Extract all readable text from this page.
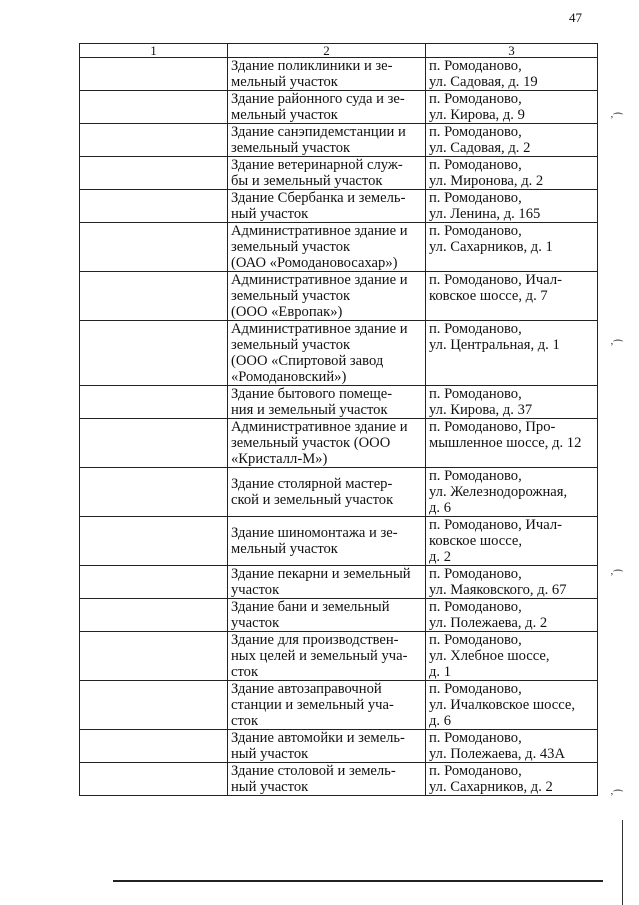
47
1	2	3
	Здание поликлиники и зе-
мельный участок	п. Ромоданово,
ул. Садовая, д. 19
	Здание районного суда и зе-
мельный участок	п. Ромоданово,
ул. Кирова, д. 9
	Здание санэпидемстанции и
земельный участок	п. Ромоданово,
ул. Садовая, д. 2
	Здание ветеринарной служ-
бы и земельный участок	п. Ромоданово,
ул. Миронова, д. 2
	Здание Сбербанка и земель-
ный участок	п. Ромоданово,
ул. Ленина, д. 165
	Административное здание и
земельный участок
(ОАО «Ромодановосахар»)	п. Ромоданово,
ул. Сахарников, д. 1
	Административное здание и
земельный участок
(ООО «Европак»)	п. Ромоданово, Ичал-
ковское шоссе, д. 7
	Административное здание и
земельный участок
(ООО «Спиртовой завод
«Ромодановский»)	п. Ромоданово,
ул. Центральная, д. 1
	Здание бытового помеще-
ния и земельный участок	п. Ромоданово,
ул. Кирова, д. 37
	Административное здание и
земельный участок (ООО
«Кристалл-М»)	п. Ромоданово, Про-
мышленное шоссе, д. 12
	Здание столярной мастер-
ской и земельный участок	п. Ромоданово,
ул. Железнодорожная,
д. 6
	Здание шиномонтажа и зе-
мельный участок	п. Ромоданово, Ичал-
ковское шоссе,
д. 2
	Здание пекарни и земельный
участок	п. Ромоданово,
ул. Маяковского, д. 67
	Здание бани и земельный
участок	п. Ромоданово,
ул. Полежаева, д. 2
	Здание для производствен-
ных целей и земельный уча-
сток	п. Ромоданово,
ул. Хлебное шоссе,
д. 1
	Здание автозаправочной
станции и земельный уча-
сток	п. Ромоданово,
ул. Ичалковское шоссе,
д. 6
	Здание автомойки и земель-
ный участок	п. Ромоданово,
ул. Полежаева, д. 43А
	Здание столовой и земель-
ный участок	п. Ромоданово,
ул. Сахарников, д. 2
ʼ⁀
ʼ⁀
ʼ⁀
ʼ⁀
